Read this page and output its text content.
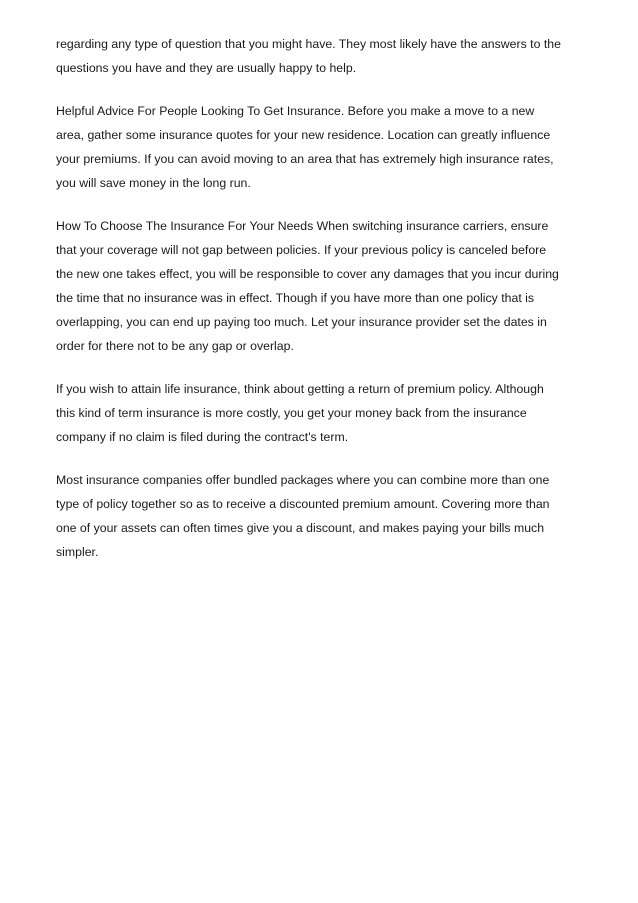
regarding any type of question that you might have. They most likely have the answers to the
questions you have and they are usually happy to help.

Helpful Advice For People Looking To Get Insurance. Before you make a move to a new
area, gather some insurance quotes for your new residence. Location can greatly influence
your premiums. If you can avoid moving to an area that has extremely high insurance rates,
you will save money in the long run.

How To Choose The Insurance For Your Needs When switching insurance carriers, ensure
that your coverage will not gap between policies. If your previous policy is canceled before
the new one takes effect, you will be responsible to cover any damages that you incur during
the time that no insurance was in effect. Though if you have more than one policy that is
overlapping, you can end up paying too much. Let your insurance provider set the dates in
order for there not to be any gap or overlap.

If you wish to attain life insurance, think about getting a return of premium policy. Although
this kind of term insurance is more costly, you get your money back from the insurance
company if no claim is filed during the contract's term.

Most insurance companies offer bundled packages where you can combine more than one
type of policy together so as to receive a discounted premium amount. Covering more than
one of your assets can often times give you a discount, and makes paying your bills much
simpler.
